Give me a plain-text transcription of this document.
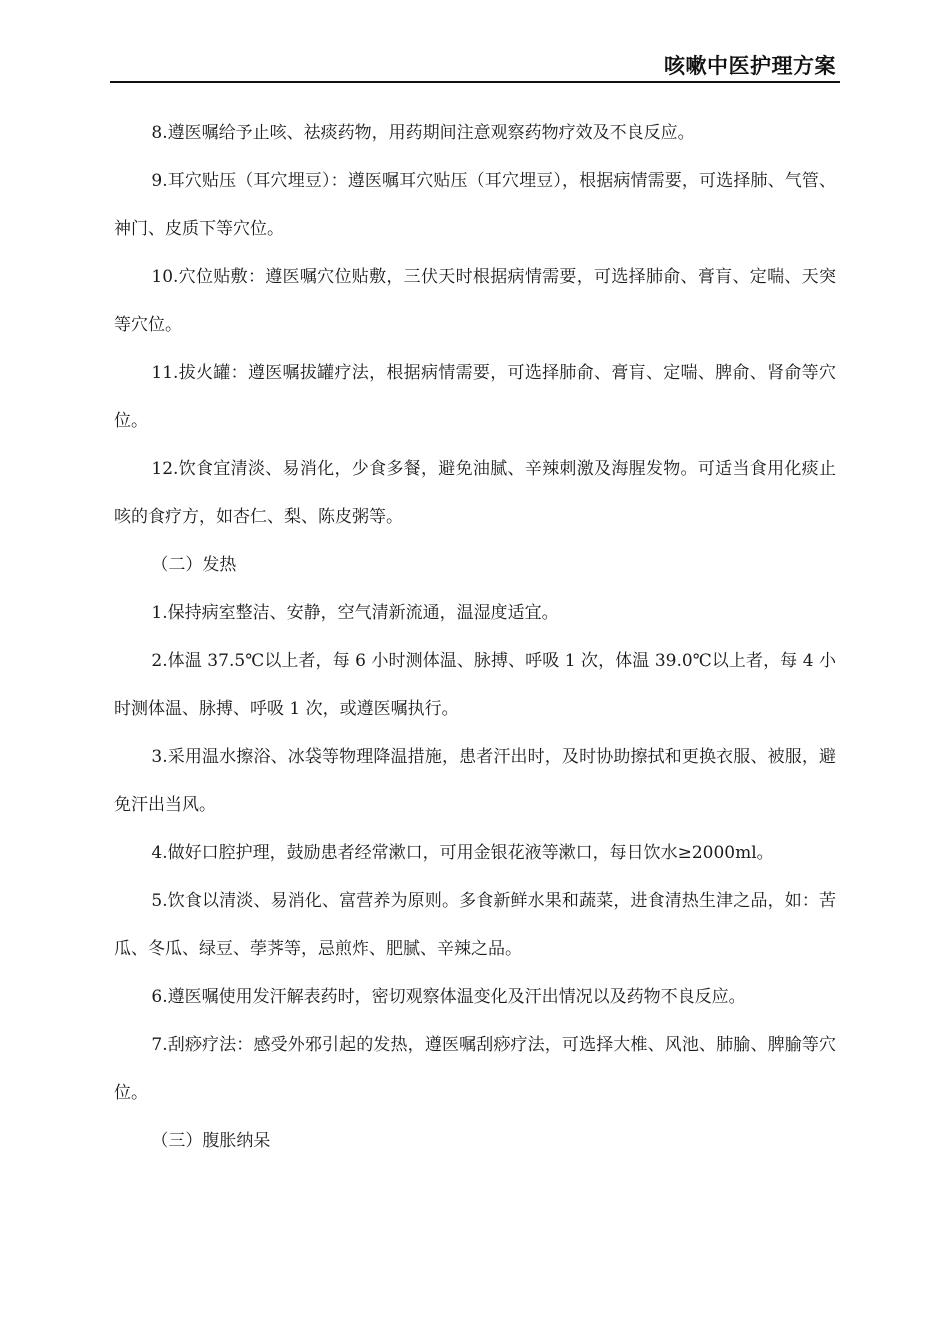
咳嗽中医护理方案

8.遵医嘱给予止咳、祛痰药物，用药期间注意观察药物疗效及不良反应。

9.耳穴贴压（耳穴埋豆）：遵医嘱耳穴贴压（耳穴埋豆），根据病情需要，可选择肺、气管、神门、皮质下等穴位。

10.穴位贴敷：遵医嘱穴位贴敷，三伏天时根据病情需要，可选择肺俞、膏肓、定喘、天突等穴位。

11.拔火罐：遵医嘱拔罐疗法，根据病情需要，可选择肺俞、膏肓、定喘、脾俞、肾俞等穴位。

12.饮食宜清淡、易消化，少食多餐，避免油腻、辛辣刺激及海腥发物。可适当食用化痰止咳的食疗方，如杏仁、梨、陈皮粥等。

（二）发热

1.保持病室整洁、安静，空气清新流通，温湿度适宜。

2.体温 37.5℃以上者，每 6 小时测体温、脉搏、呼吸 1 次，体温 39.0℃以上者，每 4 小时测体温、脉搏、呼吸 1 次，或遵医嘱执行。

3.采用温水擦浴、冰袋等物理降温措施，患者汗出时，及时协助擦拭和更换衣服、被服，避免汗出当风。

4.做好口腔护理，鼓励患者经常漱口，可用金银花液等漱口，每日饮水≥2000ml。

5.饮食以清淡、易消化、富营养为原则。多食新鲜水果和蔬菜，进食清热生津之品，如：苦瓜、冬瓜、绿豆、荸荠等，忌煎炸、肥腻、辛辣之品。

6.遵医嘱使用发汗解表药时，密切观察体温变化及汗出情况以及药物不良反应。

7.刮痧疗法：感受外邪引起的发热，遵医嘱刮痧疗法，可选择大椎、风池、肺腧、脾腧等穴位。

（三）腹胀纳呆
